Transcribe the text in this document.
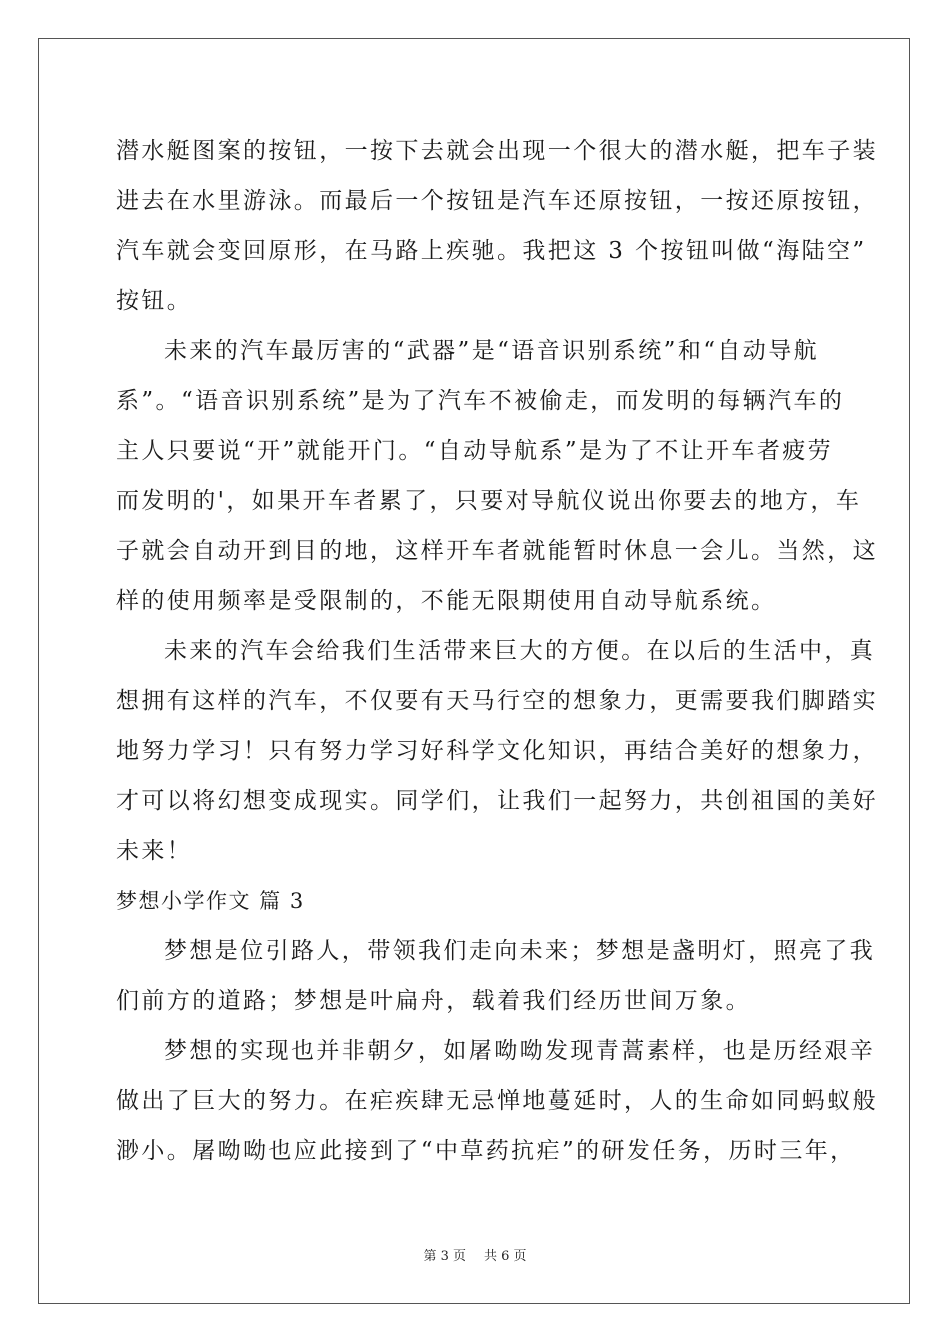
潜水艇图案的按钮，一按下去就会出现一个很大的潜水艇，把车子装
进去在水里游泳。而最后一个按钮是汽车还原按钮，一按还原按钮，
汽车就会变回原形，在马路上疾驰。我把这 3 个按钮叫做“海陆空”
按钮。
未来的汽车最厉害的“武器”是“语音识别系统”和“自动导航
系”。“语音识别系统”是为了汽车不被偷走，而发明的每辆汽车的
主人只要说“开”就能开门。“自动导航系”是为了不让开车者疲劳
而发明的'，如果开车者累了，只要对导航仪说出你要去的地方，车
子就会自动开到目的地，这样开车者就能暂时休息一会儿。当然，这
样的使用频率是受限制的，不能无限期使用自动导航系统。
未来的汽车会给我们生活带来巨大的方便。在以后的生活中，真
想拥有这样的汽车，不仅要有天马行空的想象力，更需要我们脚踏实
地努力学习！只有努力学习好科学文化知识，再结合美好的想象力，
才可以将幻想变成现实。同学们，让我们一起努力，共创祖国的美好
未来！
梦想小学作文 篇 3
梦想是位引路人，带领我们走向未来；梦想是盏明灯，照亮了我
们前方的道路；梦想是叶扁舟，载着我们经历世间万象。
梦想的实现也并非朝夕，如屠呦呦发现青蒿素样，也是历经艰辛
做出了巨大的努力。在疟疾肆无忌惮地蔓延时，人的生命如同蚂蚁般
渺小。屠呦呦也应此接到了“中草药抗疟”的研发任务，历时三年，
第 3 页 共 6 页
